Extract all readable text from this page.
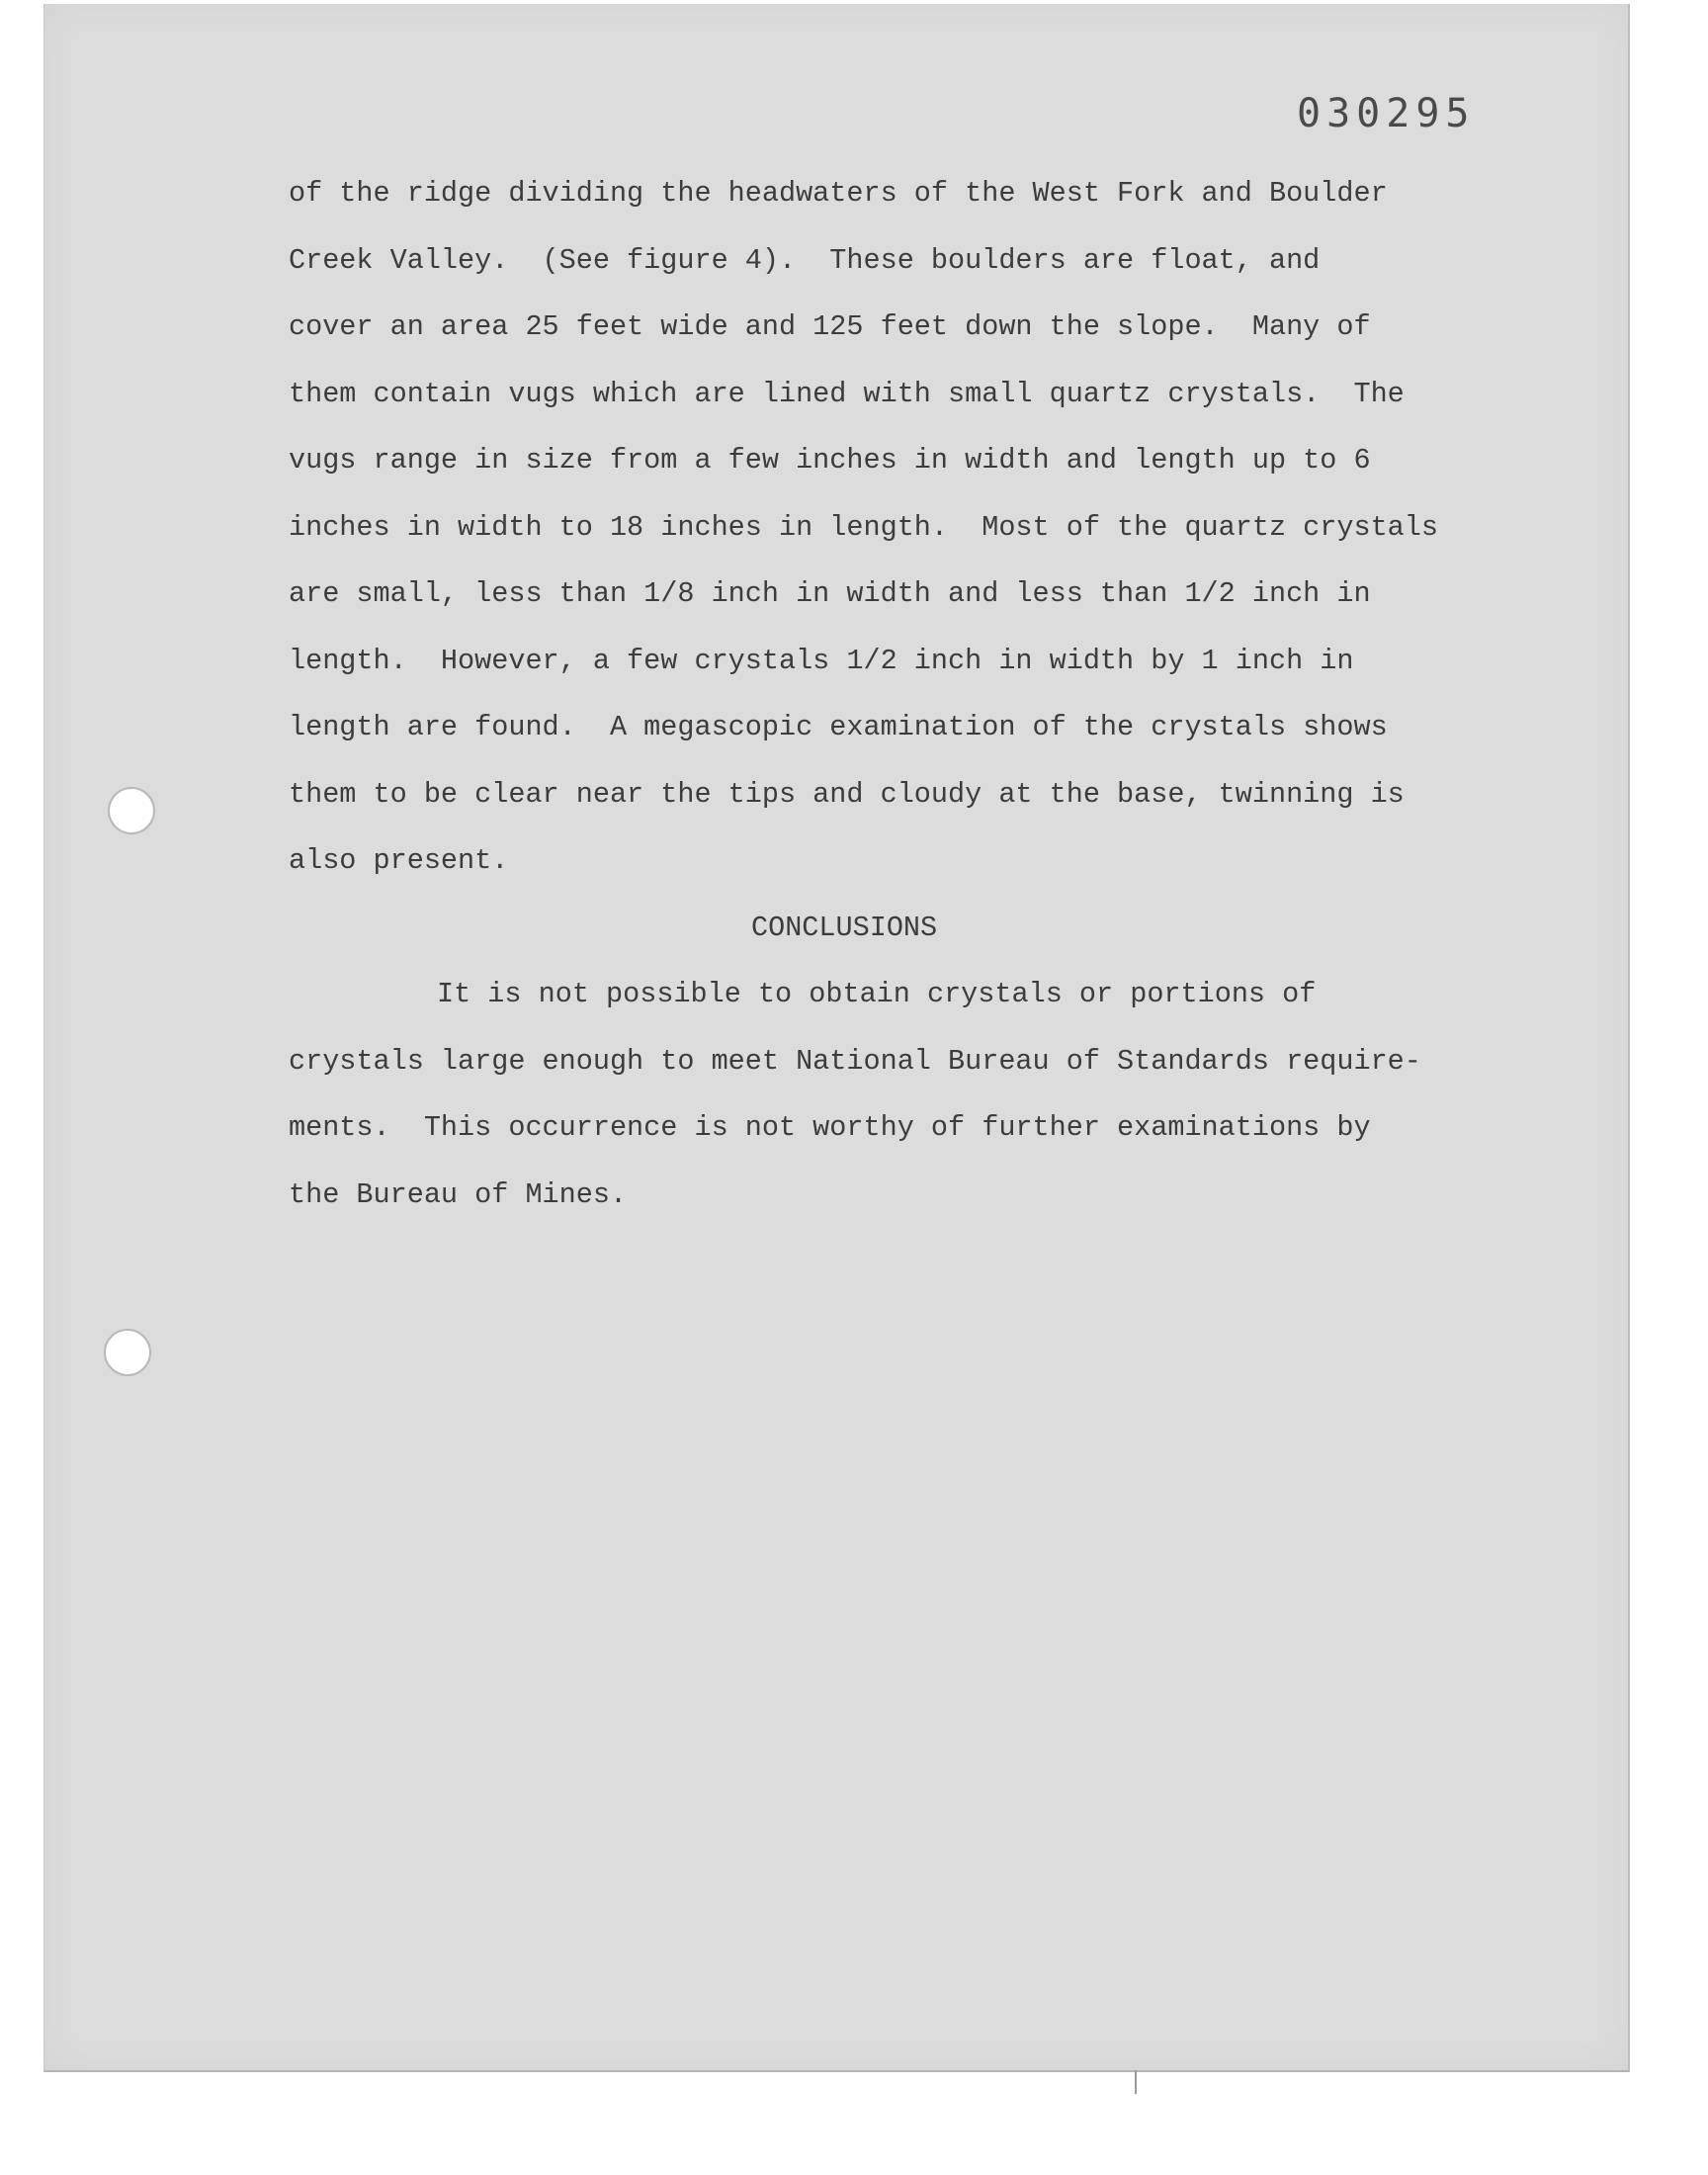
030295
of the ridge dividing the headwaters of the West Fork and Boulder
Creek Valley.  (See figure 4).  These boulders are float, and
cover an area 25 feet wide and 125 feet down the slope.  Many of
them contain vugs which are lined with small quartz crystals.  The
vugs range in size from a few inches in width and length up to 6
inches in width to 18 inches in length.  Most of the quartz crystals
are small, less than 1/8 inch in width and less than 1/2 inch in
length.  However, a few crystals 1/2 inch in width by 1 inch in
length are found.  A megascopic examination of the crystals shows
them to be clear near the tips and cloudy at the base, twinning is
also present.
CONCLUSIONS
It is not possible to obtain crystals or portions of
crystals large enough to meet National Bureau of Standards require-
ments.  This occurrence is not worthy of further examinations by
the Bureau of Mines.
